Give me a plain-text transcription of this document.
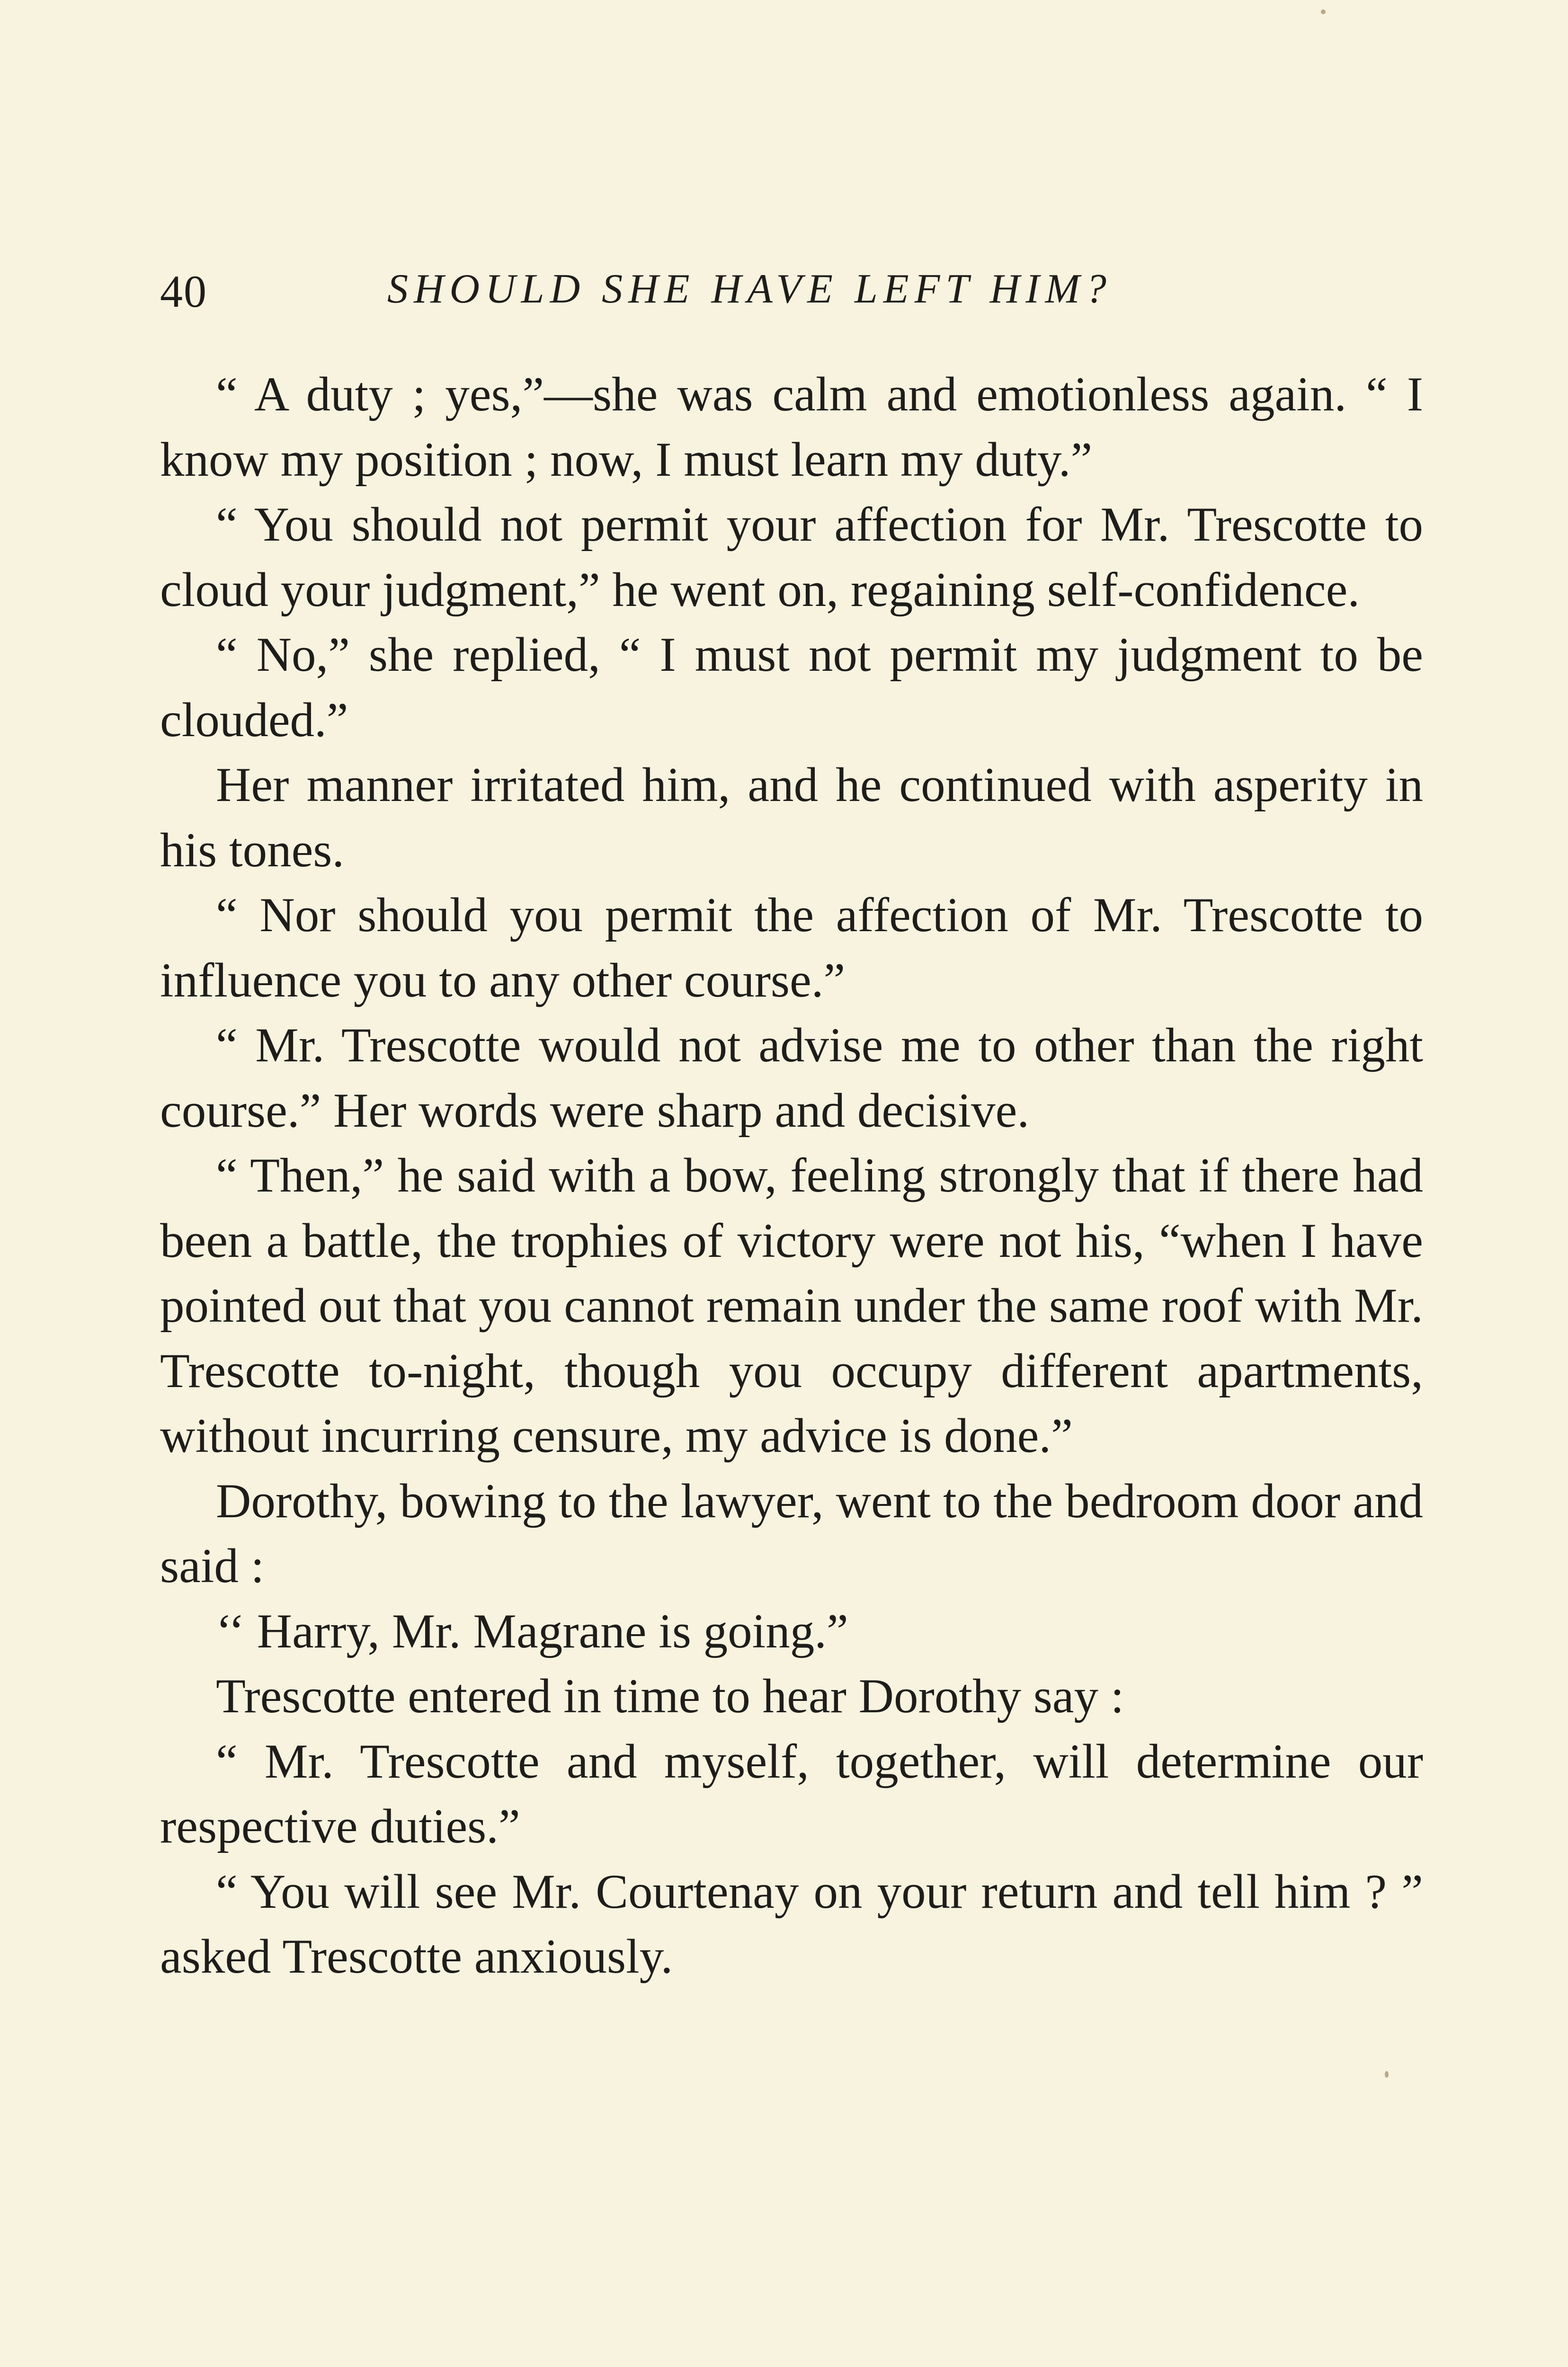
40	SHOULD SHE HAVE LEFT HIM?

“ A duty ; yes,”—she was calm and emotionless again. “ I know my position ; now, I must learn my duty.”

“ You should not permit your affection for Mr. Trescotte to cloud your judgment,” he went on, regaining self-confidence.

“ No,” she replied, “ I must not permit my judgment to be clouded.”

Her manner irritated him, and he continued with asperity in his tones.

“ Nor should you permit the affection of Mr. Trescotte to influence you to any other course.”

“ Mr. Trescotte would not advise me to other than the right course.” Her words were sharp and decisive.

“ Then,” he said with a bow, feeling strongly that if there had been a battle, the trophies of victory were not his, “when I have pointed out that you cannot remain under the same roof with Mr. Trescotte to-night, though you occupy different apartments, without incurring censure, my advice is done.”

Dorothy, bowing to the lawyer, went to the bedroom door and said :

‘‘ Harry, Mr. Magrane is going.”

Trescotte entered in time to hear Dorothy say :

“ Mr. Trescotte and myself, together, will determine our respective duties.”

“ You will see Mr. Courtenay on your return and tell him ? ” asked Trescotte anxiously.
